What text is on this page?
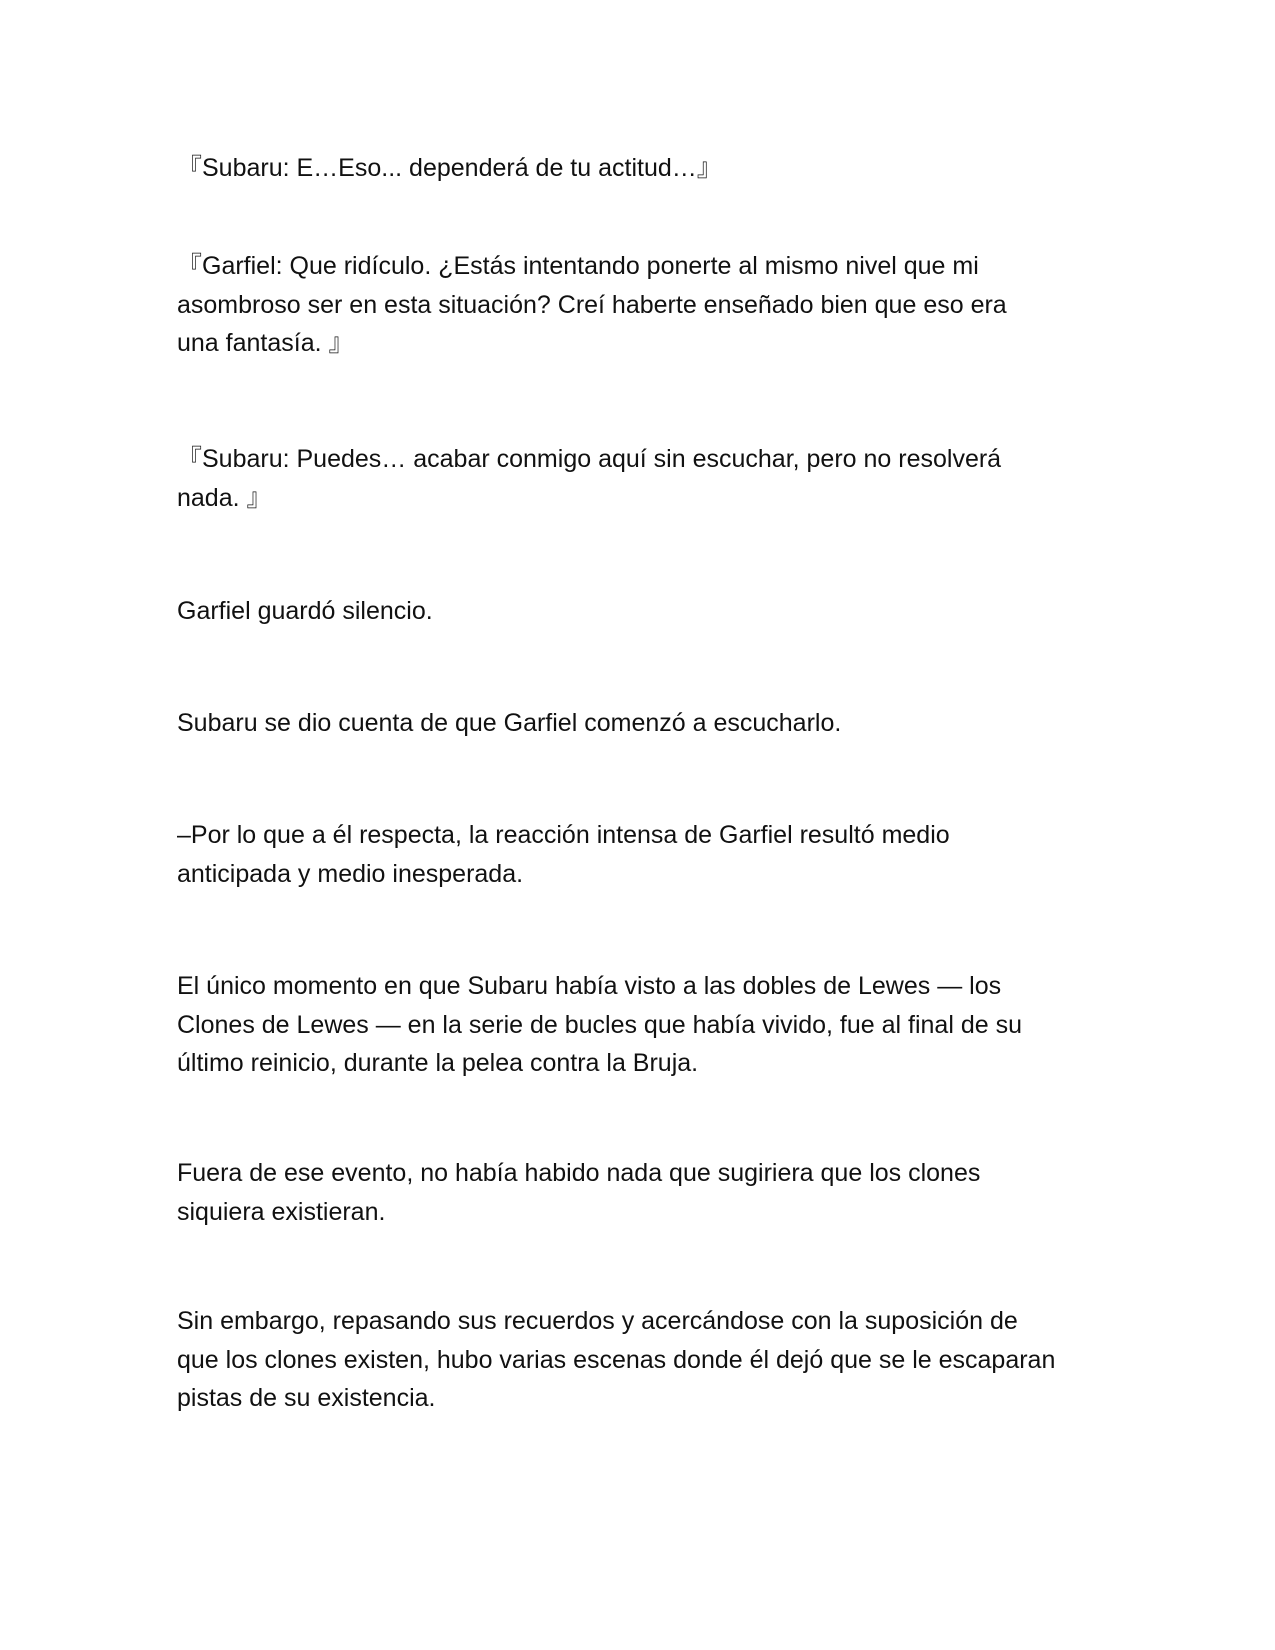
『Subaru: E…Eso... dependerá de tu actitud…』

『Garfiel: Que ridículo. ¿Estás intentando ponerte al mismo nivel que mi
asombroso ser en esta situación? Creí haberte enseñado bien que eso era
una fantasía. 』

『Subaru: Puedes… acabar conmigo aquí sin escuchar, pero no resolverá
nada. 』

Garfiel guardó silencio.

Subaru se dio cuenta de que Garfiel comenzó a escucharlo.

–Por lo que a él respecta, la reacción intensa de Garfiel resultó medio
anticipada y medio inesperada.

El único momento en que Subaru había visto a las dobles de Lewes — los
Clones de Lewes — en la serie de bucles que había vivido, fue al final de su
último reinicio, durante la pelea contra la Bruja.

Fuera de ese evento, no había habido nada que sugiriera que los clones
siquiera existieran.

Sin embargo, repasando sus recuerdos y acercándose con la suposición de
que los clones existen, hubo varias escenas donde él dejó que se le escaparan
pistas de su existencia.
